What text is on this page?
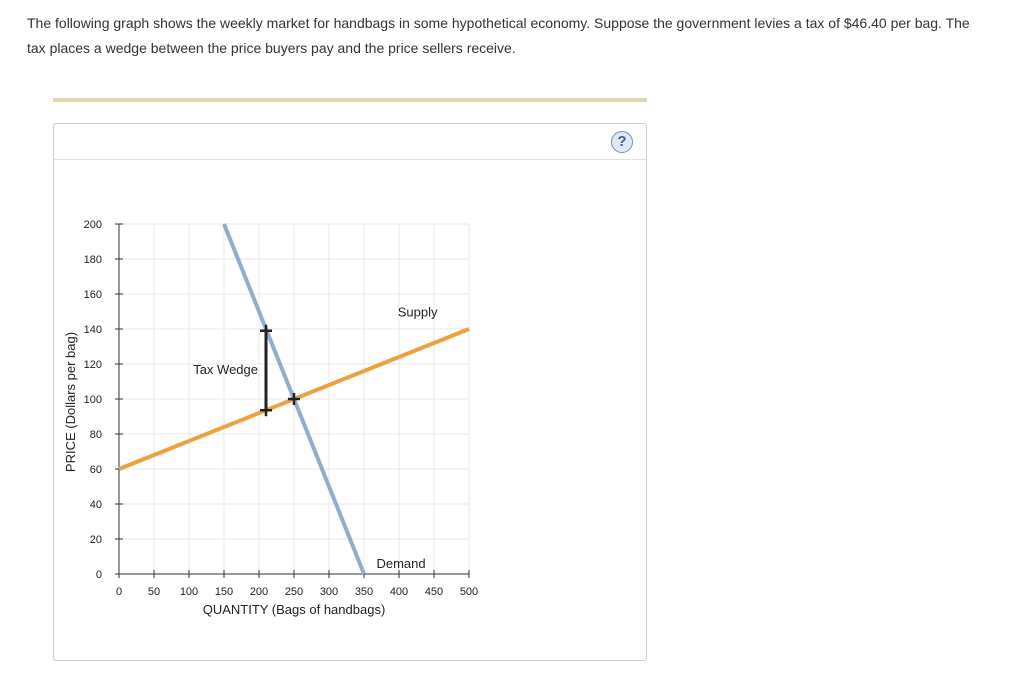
The following graph shows the weekly market for handbags in some hypothetical economy. Suppose the government levies a tax of $46.40 per bag. The
tax places a wedge between the price buyers pay and the price sellers receive.
?
0
20
40
60
80
100
120
140
160
180
200
0 50 100 150 200 250 300 350 400 450 500
QUANTITY (Bags of handbags)
PRICE (Dollars per bag)
Supply
Demand
Tax Wedge
